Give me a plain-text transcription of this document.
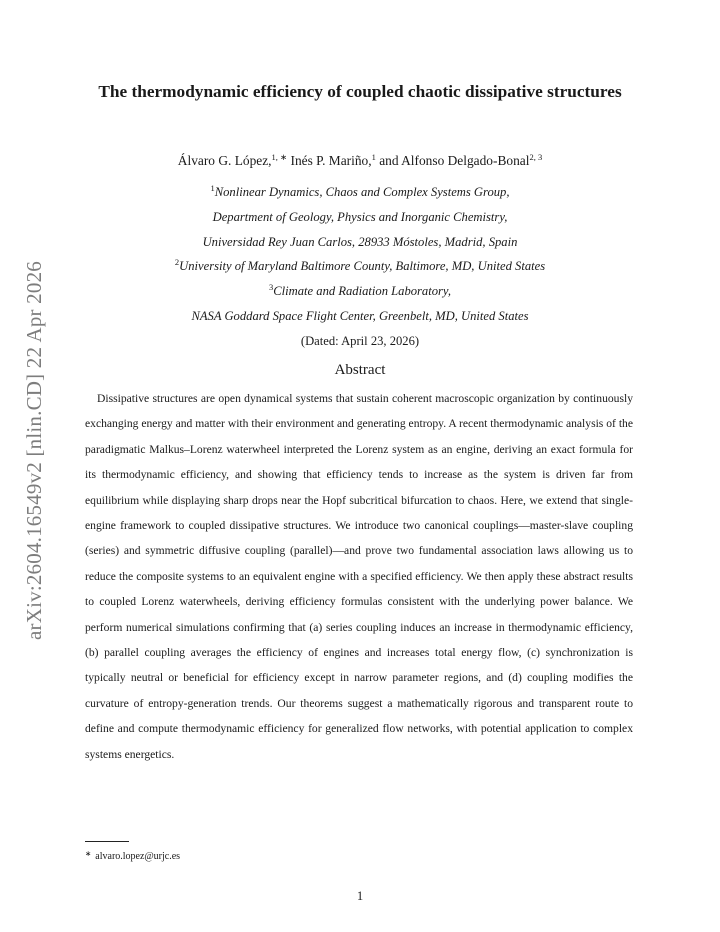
arXiv:2604.16549v2 [nlin.CD] 22 Apr 2026
The thermodynamic efficiency of coupled chaotic dissipative structures
Álvaro G. López,$^{1, ∗}$ Inés P. Mariño,$^1$ and Alfonso Delgado-Bonal$^{2, 3}$
$^1$Nonlinear Dynamics, Chaos and Complex Systems Group,
Department of Geology, Physics and Inorganic Chemistry,
Universidad Rey Juan Carlos, 28933 Móstoles, Madrid, Spain
$^2$University of Maryland Baltimore County, Baltimore, MD, United States
$^3$Climate and Radiation Laboratory,
NASA Goddard Space Flight Center, Greenbelt, MD, United States
(Dated: April 23, 2026)
Abstract

Dissipative structures are open dynamical systems that sustain coherent macroscopic organization by continuously exchanging energy and matter with their environment and generating entropy. A recent thermodynamic analysis of the paradigmatic Malkus–Lorenz waterwheel interpreted the Lorenz system as an engine, deriving an exact formula for its thermodynamic efficiency, and showing that efficiency tends to increase as the system is driven far from equilibrium while displaying sharp drops near the Hopf subcritical bifurcation to chaos. Here, we extend that single-engine framework to coupled dissipative structures. We introduce two canonical couplings—master-slave coupling (series) and symmetric diffusive coupling (parallel)—and prove two fundamental association laws allowing us to reduce the composite systems to an equivalent engine with a specified efficiency. We then apply these abstract results to coupled Lorenz waterwheels, deriving efficiency formulas consistent with the underlying power balance. We perform numerical simulations confirming that (a) series coupling induces an increase in thermodynamic efficiency, (b) parallel coupling averages the efficiency of engines and increases total energy flow, (c) synchronization is typically neutral or beneficial for efficiency except in narrow parameter regions, and (d) coupling modifies the curvature of entropy-generation trends. Our theorems suggest a mathematically rigorous and transparent route to define and compute thermodynamic efficiency for generalized flow networks, with potential application to complex systems energetics.

∗ alvaro.lopez@urjc.es
1
